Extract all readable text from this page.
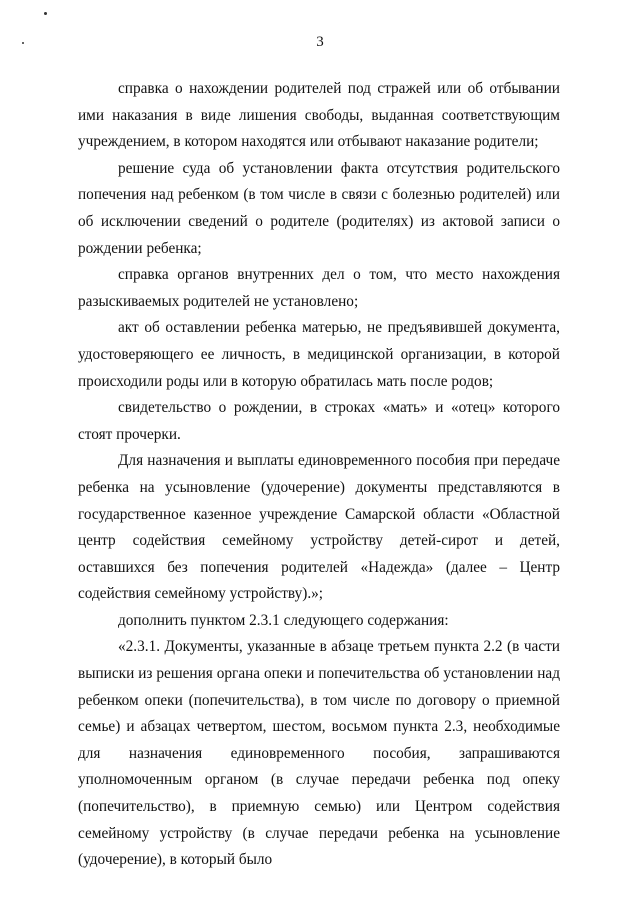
3

справка о нахождении родителей под стражей или об отбывании ими наказания в виде лишения свободы, выданная соответствующим учреждением, в котором находятся или отбывают наказание родители;

решение суда об установлении факта отсутствия родительского попечения над ребенком (в том числе в связи с болезнью родителей) или об исключении сведений о родителе (родителях) из актовой записи о рождении ребенка;

справка органов внутренних дел о том, что место нахождения разыскиваемых родителей не установлено;

акт об оставлении ребенка матерью, не предъявившей документа, удостоверяющего ее личность, в медицинской организации, в которой происходили роды или в которую обратилась мать после родов;

свидетельство о рождении, в строках «мать» и «отец» которого стоят прочерки.

Для назначения и выплаты единовременного пособия при передаче ребенка на усыновление (удочерение) документы представляются в государственное казенное учреждение Самарской области «Областной центр содействия семейному устройству детей-сирот и детей, оставшихся без попечения родителей «Надежда» (далее – Центр содействия семейному устройству).»;

дополнить пунктом 2.3.1 следующего содержания:

«2.3.1. Документы, указанные в абзаце третьем пункта 2.2 (в части выписки из решения органа опеки и попечительства об установлении над ребенком опеки (попечительства), в том числе по договору о приемной семье) и абзацах четвертом, шестом, восьмом пункта 2.3, необходимые для назначения единовременного пособия, запрашиваются уполномоченным органом (в случае передачи ребенка под опеку (попечительство), в приемную семью) или Центром содействия семейному устройству (в случае передачи ребенка на усыновление (удочерение), в который было
